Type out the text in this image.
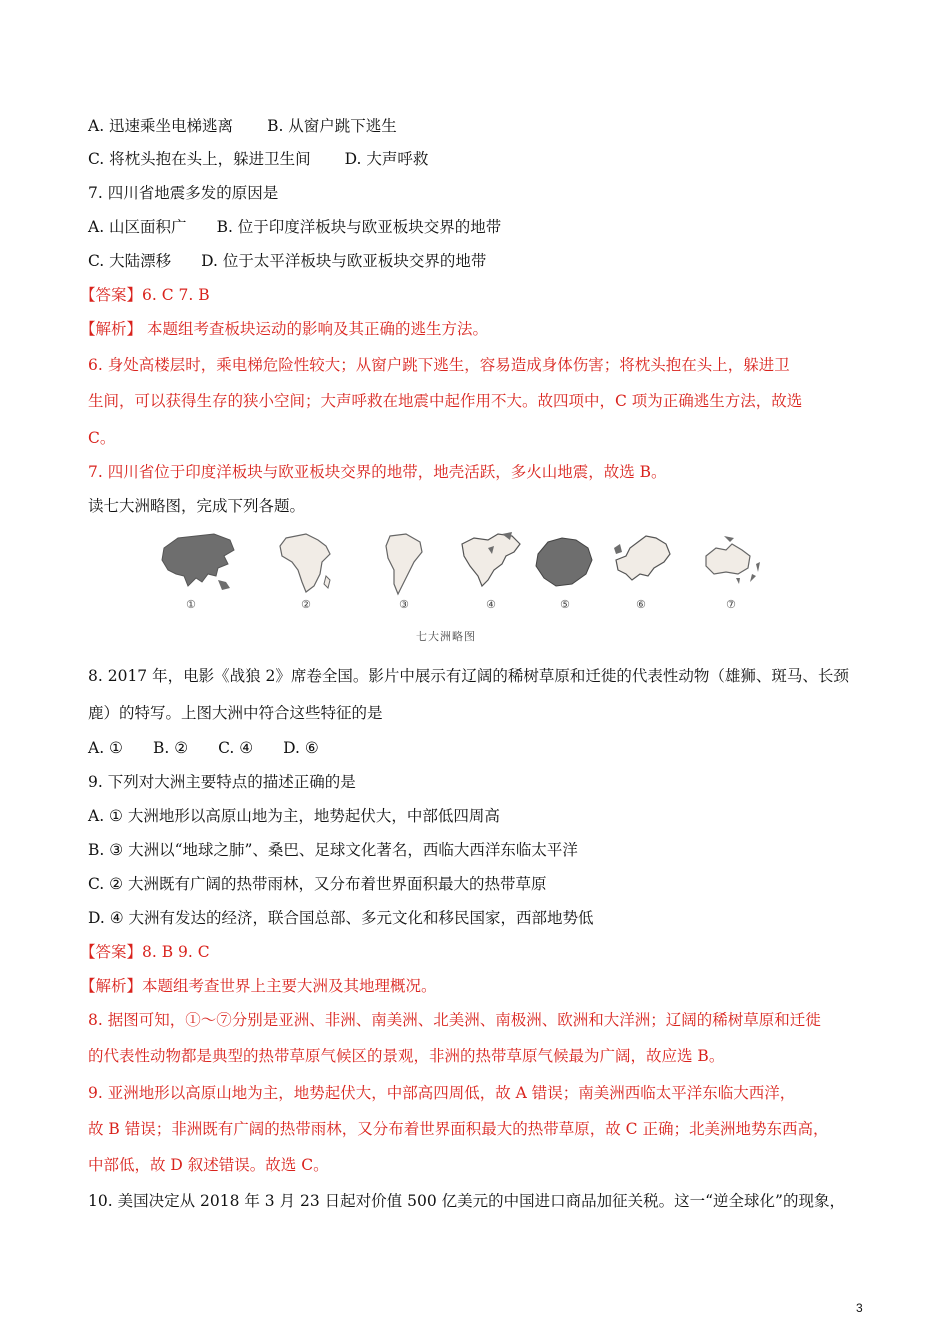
A. 迅速乘坐电梯逃离 B. 从窗户跳下逃生
C. 将枕头抱在头上，躲进卫生间 D. 大声呼救
7. 四川省地震多发的原因是
A. 山区面积广 B. 位于印度洋板块与欧亚板块交界的地带
C. 大陆漂移 D. 位于太平洋板块与欧亚板块交界的地带
【答案】6. C 7. B
【解析】 本题组考查板块运动的影响及其正确的逃生方法。
6. 身处高楼层时，乘电梯危险性较大；从窗户跳下逃生，容易造成身体伤害；将枕头抱在头上，躲进卫
生间，可以获得生存的狭小空间；大声呼救在地震中起作用不大。故四项中，C 项为正确逃生方法，故选
C。
7. 四川省位于印度洋板块与欧亚板块交界的地带，地壳活跃，多火山地震，故选 B。
读七大洲略图，完成下列各题。
①	②	③	④	⑤	⑥	⑦
七大洲略图
8. 2017 年，电影《战狼 2》席卷全国。影片中展示有辽阔的稀树草原和迁徙的代表性动物（雄狮、斑马、长颈
鹿）的特写。上图大洲中符合这些特征的是
A. ① B. ② C. ④ D. ⑥
9. 下列对大洲主要特点的描述正确的是
A. ① 大洲地形以高原山地为主，地势起伏大，中部低四周高
B. ③ 大洲以“地球之肺”、桑巴、足球文化著名，西临大西洋东临太平洋
C. ② 大洲既有广阔的热带雨林，又分布着世界面积最大的热带草原
D. ④ 大洲有发达的经济，联合国总部、多元文化和移民国家，西部地势低
【答案】8. B 9. C
【解析】本题组考查世界上主要大洲及其地理概况。
8. 据图可知，①～⑦分别是亚洲、非洲、南美洲、北美洲、南极洲、欧洲和大洋洲；辽阔的稀树草原和迁徙
的代表性动物都是典型的热带草原气候区的景观，非洲的热带草原气候最为广阔，故应选 B。
9. 亚洲地形以高原山地为主，地势起伏大，中部高四周低，故 A 错误；南美洲西临太平洋东临大西洋，
故 B 错误；非洲既有广阔的热带雨林，又分布着世界面积最大的热带草原，故 C 正确；北美洲地势东西高，
中部低，故 D 叙述错误。故选 C。
10. 美国决定从 2018 年 3 月 23 日起对价值 500 亿美元的中国进口商品加征关税。这一“逆全球化”的现象，
3
